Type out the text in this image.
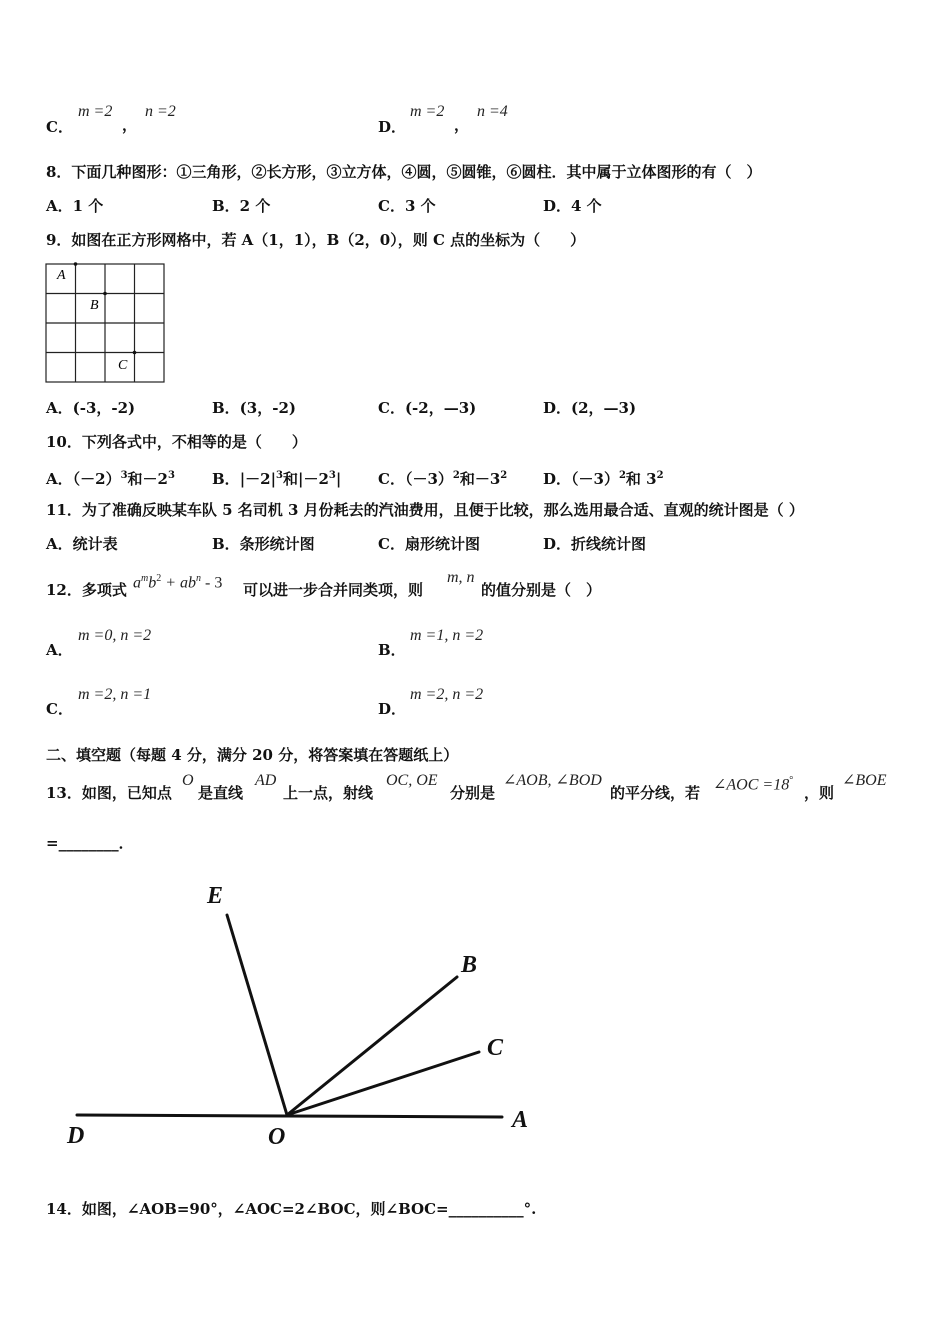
C．
m =2
，
n =2
D．
m =2
，
n =4
8．下面几种图形：①三角形，②长方形，③立方体，④圆，⑤圆锥，⑥圆柱．其中属于立体图形的有（　）
A．1 个	B．2 个	C．3 个	D．4 个
9．如图在正方形网格中，若 A（1，1），B（2，0），则 C 点的坐标为（　　）
A
B
C
A．(-3，-2)	B．(3，-2)	C．(-2，—3)	D．(2，—3)
10．下列各式中，不相等的是（　　）
A．$(-2)^3$和$-2^3$ B．$|-2|^3$和$|-2^3|$ C．$(-3)^2$和$-3^2$ D．$(-3)^2$和 $3^2$
11．为了准确反映某车队 5 名司机 3 月份耗去的汽油费用，且便于比较，那么选用最合适、直观的统计图是（ ）
A．统计表	B．条形统计图	C．扇形统计图	D．折线统计图
12．多项式 $a^mb^2 + ab^n - 3$ 可以进一步合并同类项，则
m, n
的值分别是（　）
A．
m =0, n =2
B．
m =1, n =2
C．
m =2, n =1
D．
m =2, n =2
二、填空题（每题 4 分，满分 20 分，将答案填在答题纸上）
13．如图，已知点
O
是直线
AD
上一点，射线
OC, OE
分别是
∠AOB, ∠BOD
的平分线，若 ∠AOC =18°
，则
∠BOE
=________．
E
B
C
D	O
A
14．如图，∠AOB=90°，∠AOC=2∠BOC，则∠BOC=__________°.
